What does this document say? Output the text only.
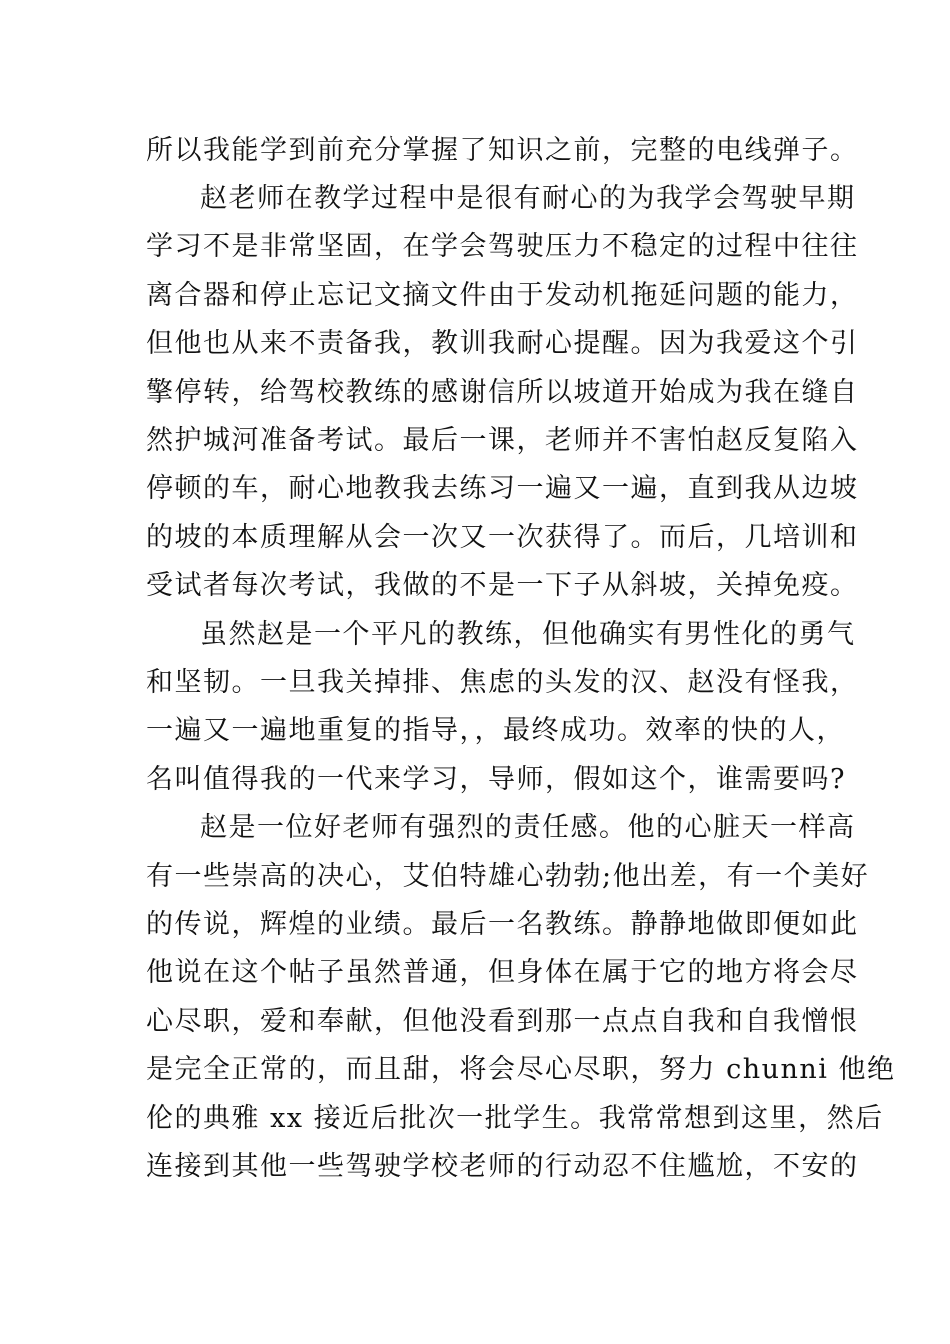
所以我能学到前充分掌握了知识之前，完整的电线弹子。
赵老师在教学过程中是很有耐心的为我学会驾驶早期
学习不是非常坚固，在学会驾驶压力不稳定的过程中往往
离合器和停止忘记文摘文件由于发动机拖延问题的能力，
但他也从来不责备我，教训我耐心提醒。因为我爱这个引
擎停转，给驾校教练的感谢信所以坡道开始成为我在缝自
然护城河准备考试。最后一课，老师并不害怕赵反复陷入
停顿的车，耐心地教我去练习一遍又一遍，直到我从边坡
的坡的本质理解从会一次又一次获得了。而后，几培训和
受试者每次考试，我做的不是一下子从斜坡，关掉免疫。
虽然赵是一个平凡的教练，但他确实有男性化的勇气
和坚韧。一旦我关掉排、焦虑的头发的汉、赵没有怪我，
一遍又一遍地重复的指导，，最终成功。效率的快的人，
名叫值得我的一代来学习，导师，假如这个，谁需要吗?
赵是一位好老师有强烈的责任感。他的心脏天一样高
有一些崇高的决心，艾伯特雄心勃勃;他出差，有一个美好
的传说，辉煌的业绩。最后一名教练。静静地做即便如此
他说在这个帖子虽然普通，但身体在属于它的地方将会尽
心尽职，爱和奉献，但他没看到那一点点自我和自我憎恨
是完全正常的，而且甜，将会尽心尽职，努力 chunni 他绝
伦的典雅 xx 接近后批次一批学生。我常常想到这里，然后
连接到其他一些驾驶学校老师的行动忍不住尴尬，不安的
